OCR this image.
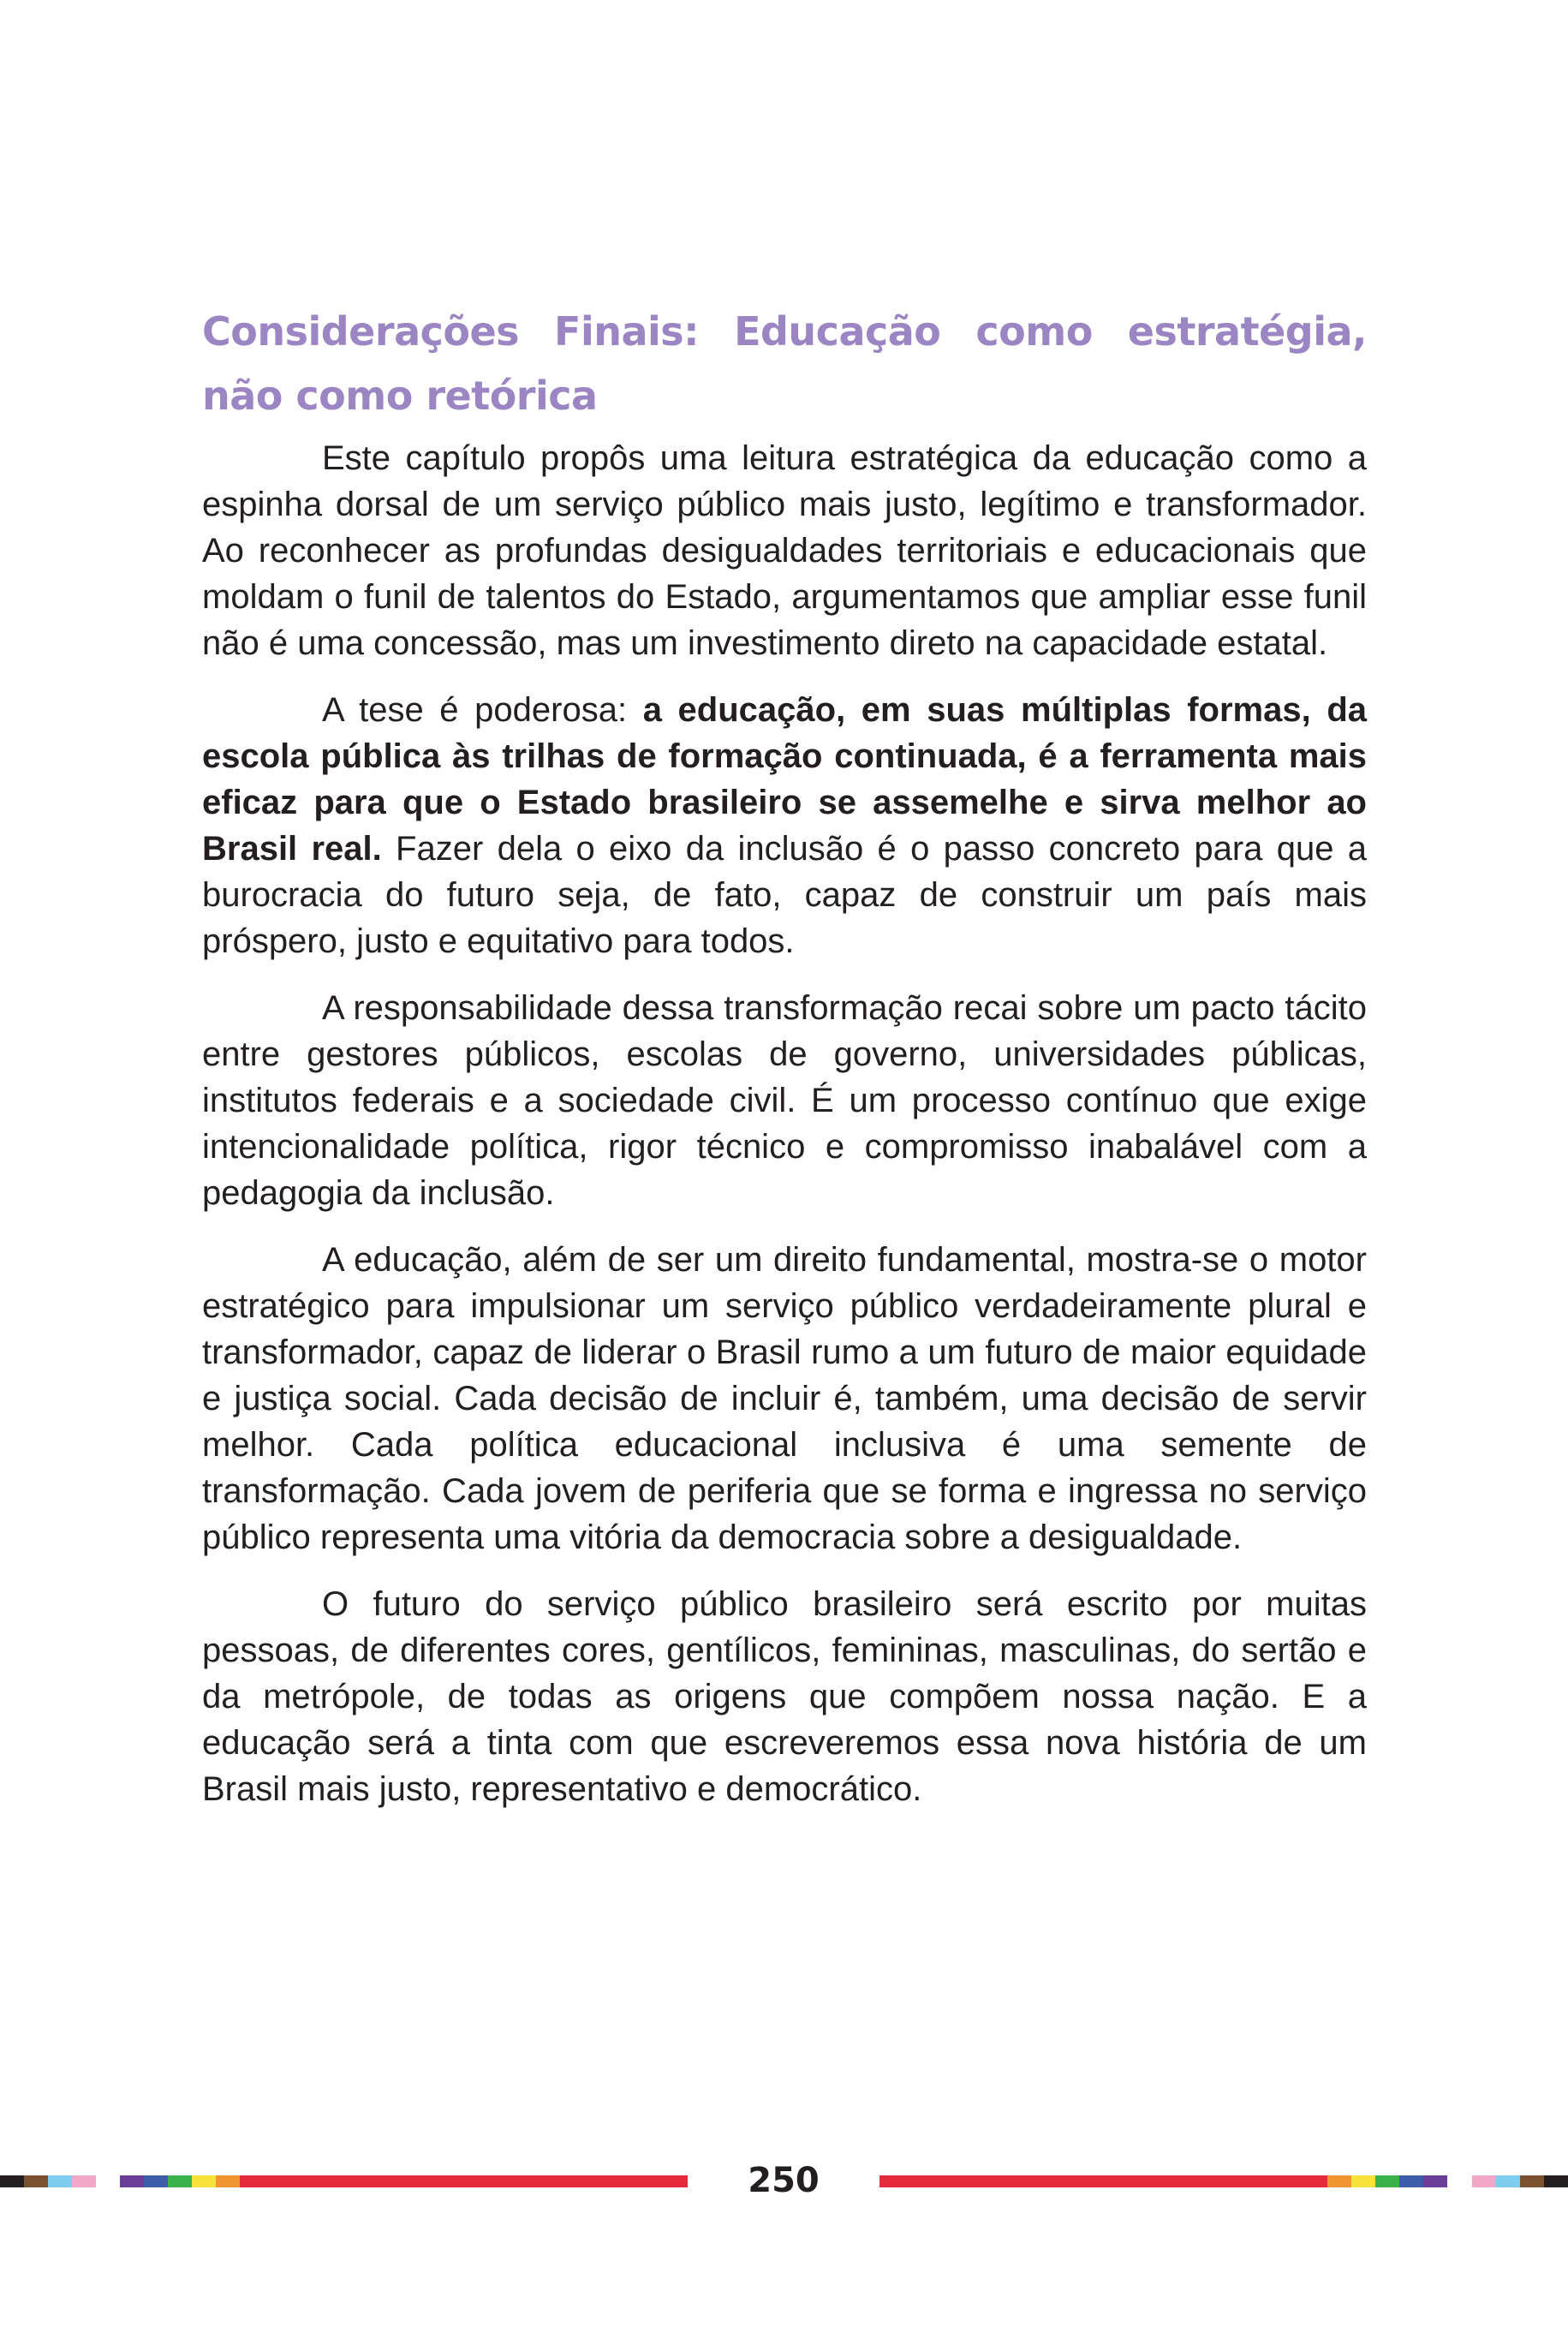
Considerações Finais: Educação como estratégia, não como retórica

Este capítulo propôs uma leitura estratégica da educação como a espinha dorsal de um serviço público mais justo, legítimo e transformador. Ao reconhecer as profundas desigualdades territoriais e educacionais que moldam o funil de talentos do Estado, argumentamos que ampliar esse funil não é uma concessão, mas um investimento direto na capacidade estatal.

A tese é poderosa: a educação, em suas múltiplas formas, da escola pública às trilhas de formação continuada, é a ferramenta mais eficaz para que o Estado brasileiro se assemelhe e sirva melhor ao Brasil real. Fazer dela o eixo da inclusão é o passo concreto para que a burocracia do futuro seja, de fato, capaz de construir um país mais próspero, justo e equitativo para todos.

A responsabilidade dessa transformação recai sobre um pacto tácito entre gestores públicos, escolas de governo, universidades públicas, institutos federais e a sociedade civil. É um processo contínuo que exige intencionalidade política, rigor técnico e compromisso inabalável com a pedagogia da inclusão.

A educação, além de ser um direito fundamental, mostra-se o motor estratégico para impulsionar um serviço público verdadeiramente plural e transformador, capaz de liderar o Brasil rumo a um futuro de maior equidade e justiça social. Cada decisão de incluir é, também, uma decisão de servir melhor. Cada política educacional inclusiva é uma semente de transformação. Cada jovem de periferia que se forma e ingressa no serviço público representa uma vitória da democracia sobre a desigualdade.

O futuro do serviço público brasileiro será escrito por muitas pessoas, de diferentes cores, gentílicos, femininas, masculinas, do sertão e da metrópole, de todas as origens que compõem nossa nação. E a educação será a tinta com que escreveremos essa nova história de um Brasil mais justo, representativo e democrático.

250
